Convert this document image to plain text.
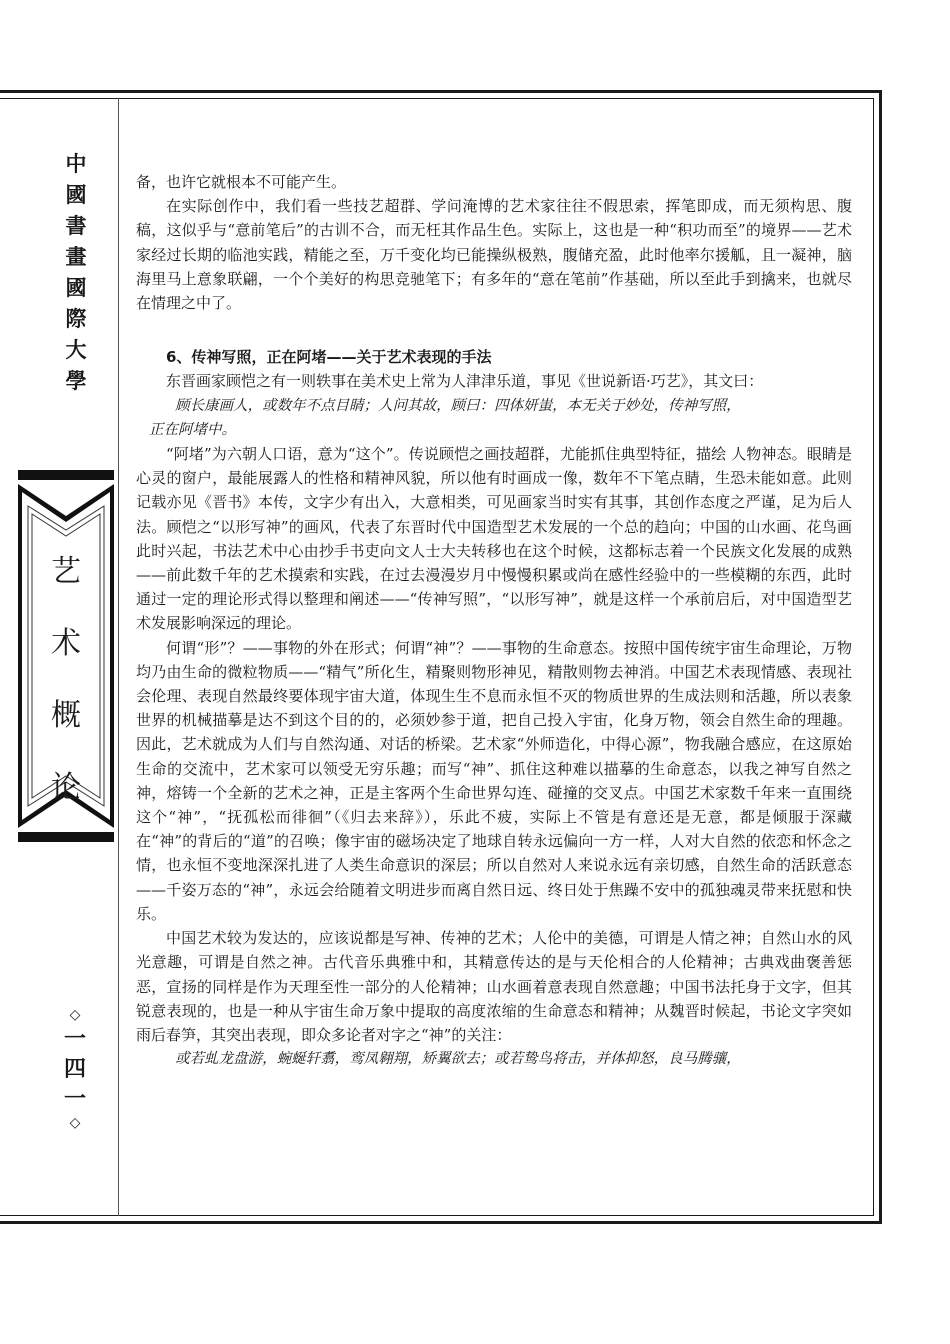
中
國
書
畫
國
際
大
學
艺
术
概
论
◇
一
四
一
◇

备，也许它就根本不可能产生。

在实际创作中，我们看一些技艺超群、学问淹博的艺术家往往不假思索，挥笔即成，而无须构思、腹稿，这似乎与“意前笔后”的古训不合，而无枉其作品生色。实际上，这也是一种“积功而至”的境界——艺术家经过长期的临池实践，精能之至，万千变化均已能操纵极熟，腹储充盈，此时他率尔援觚，且一凝神，脑海里马上意象联翩，一个个美好的构思竞驰笔下；有多年的“意在笔前”作基础，所以至此手到擒来，也就尽在情理之中了。

6、传神写照，正在阿堵——关于艺术表现的手法

东晋画家顾恺之有一则轶事在美术史上常为人津津乐道，事见《世说新语·巧艺》，其文曰：

顾长康画人，或数年不点目睛；人问其故，顾曰：四体妍蚩，本无关于妙处，传神写照，
正在阿堵中。

“阿堵”为六朝人口语，意为“这个”。传说顾恺之画技超群，尤能抓住典型特征，描绘 人物神态。眼睛是心灵的窗户，最能展露人的性格和精神风貌，所以他有时画成一像，数年不下笔点睛，生恐未能如意。此则记载亦见《晋书》本传，文字少有出入，大意相类，可见画家当时实有其事，其创作态度之严谨，足为后人法。顾恺之“以形写神”的画风，代表了东晋时代中国造型艺术发展的一个总的趋向；中国的山水画、花鸟画此时兴起，书法艺术中心由抄手书吏向文人士大夫转移也在这个时候，这都标志着一个民族文化发展的成熟——前此数千年的艺术摸索和实践，在过去漫漫岁月中慢慢积累或尚在感性经验中的一些模糊的东西，此时通过一定的理论形式得以整理和阐述——“传神写照”，“以形写神”，就是这样一个承前启后，对中国造型艺术发展影响深远的理论。

何谓“形”？——事物的外在形式；何谓“神”？——事物的生命意态。按照中国传统宇宙生命理论，万物均乃由生命的微粒物质——“精气”所化生，精聚则物形神见，精散则物去神消。中国艺术表现情感、表现社会伦理、表现自然最终要体现宇宙大道，体现生生不息而永恒不灭的物质世界的生成法则和活趣，所以表象世界的机械描摹是达不到这个目的的，必须妙参于道，把自己投入宇宙，化身万物，领会自然生命的理趣。因此，艺术就成为人们与自然沟通、对话的桥梁。艺术家“外师造化，中得心源”，物我融合感应，在这原始生命的交流中，艺术家可以领受无穷乐趣；而写“神”、抓住这种难以描摹的生命意态，以我之神写自然之神，熔铸一个全新的艺术之神，正是主客两个生命世界勾连、碰撞的交叉点。中国艺术家数千年来一直围绕这个“神”，“抚孤松而徘徊”（《归去来辞》），乐此不疲，实际上不管是有意还是无意，都是倾服于深藏在“神”的背后的“道”的召唤；像宇宙的磁场决定了地球自转永远偏向一方一样，人对大自然的依恋和怀念之情，也永恒不变地深深扎进了人类生命意识的深层；所以自然对人来说永远有亲切感，自然生命的活跃意态——千姿万态的“神”，永远会给随着文明进步而离自然日远、终日处于焦躁不安中的孤独魂灵带来抚慰和快乐。

中国艺术较为发达的，应该说都是写神、传神的艺术；人伦中的美德，可谓是人情之神；自然山水的风光意趣，可谓是自然之神。古代音乐典雅中和，其精意传达的是与天伦相合的人伦精神；古典戏曲褒善惩恶，宣扬的同样是作为天理至性一部分的人伦精神；山水画着意表现自然意趣；中国书法托身于文字，但其锐意表现的，也是一种从宇宙生命万象中提取的高度浓缩的生命意态和精神；从魏晋时候起，书论文字突如雨后春笋，其突出表现，即众多论者对字之“神”的关注：

或若虬龙盘游，蜿蜒轩翥，鸾凤翱翔，矫翼欲去；或若鸷鸟将击，并体抑怒，良马腾骧，
